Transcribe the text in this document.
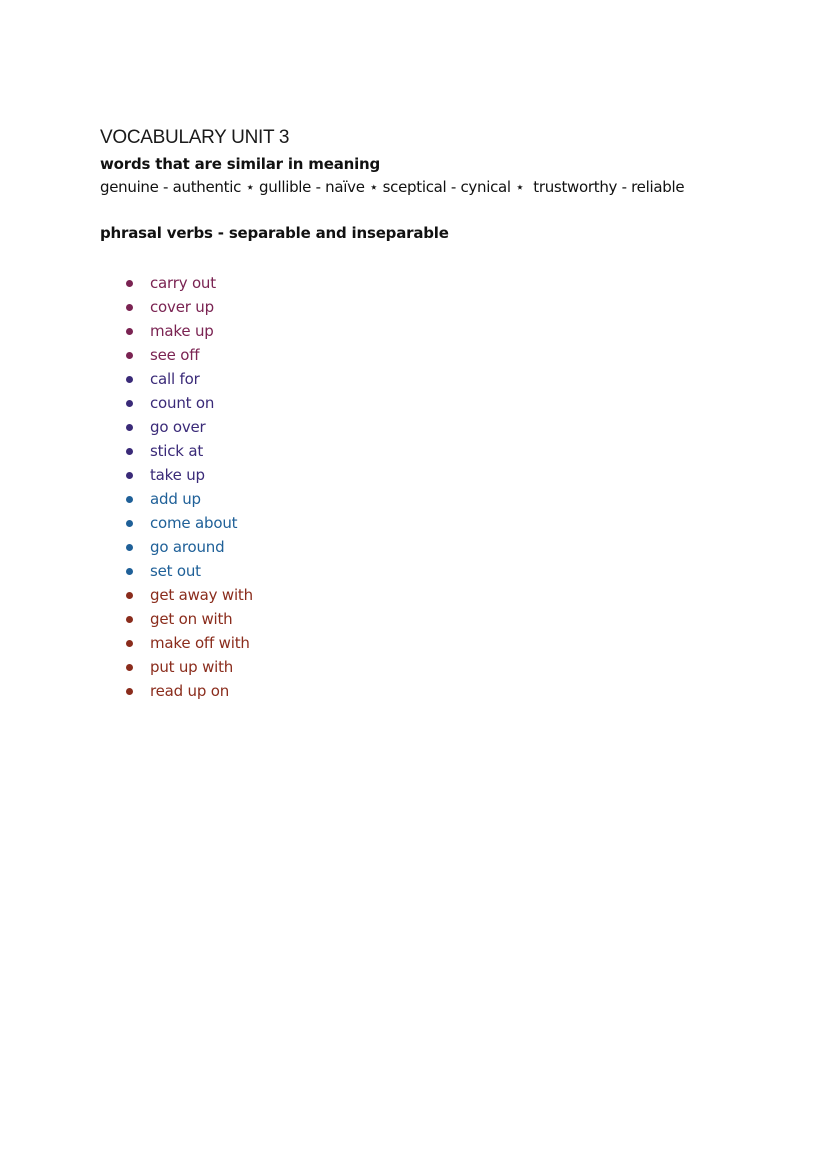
VOCABULARY UNIT 3
words that are similar in meaning
genuine - authentic ⋆ gullible - naïve ⋆ sceptical - cynical ⋆  trustworthy - reliable
phrasal verbs - separable and inseparable
carry out
cover up
make up
see off
call for
count on
go over
stick at
take up
add up
come about
go around
set out
get away with
get on with
make off with
put up with
read up on
